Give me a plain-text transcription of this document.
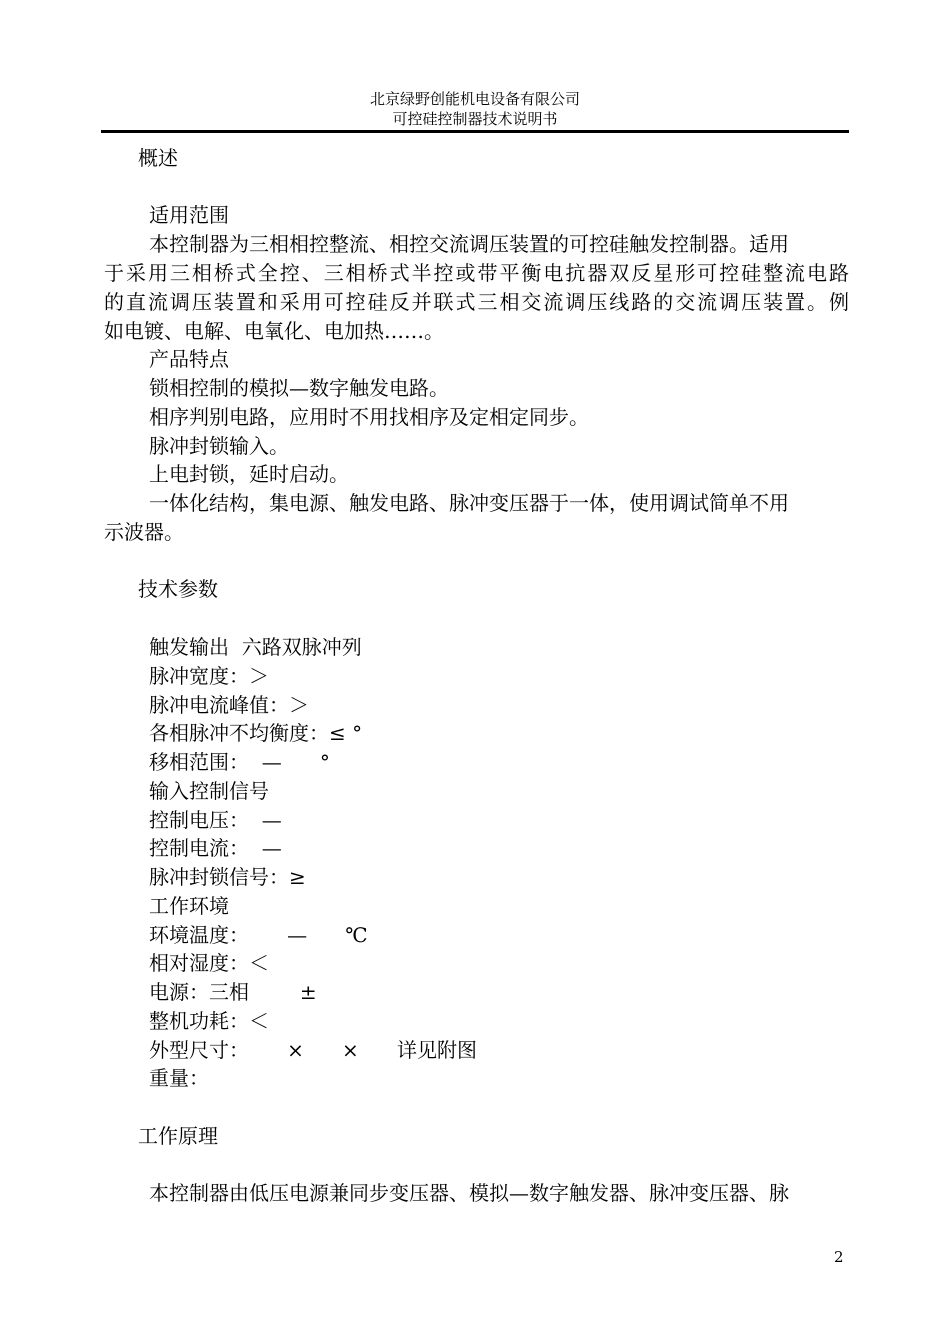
北京绿野创能机电设备有限公司
可控硅控制器技术说明书
概述
适用范围
本控制器为三相相控整流、相控交流调压装置的可控硅触发控制器。适用
于采用三相桥式全控、三相桥式半控或带平衡电抗器双反星形可控硅整流电路
的直流调压装置和采用可控硅反并联式三相交流调压线路的交流调压装置。例
如电镀、电解、电氧化、电加热……。
产品特点
锁相控制的模拟—数字触发电路。
相序判别电路，应用时不用找相序及定相定同步。
脉冲封锁输入。
上电封锁，延时启动。
一体化结构，集电源、触发电路、脉冲变压器于一体，使用调试简单不用
示波器。
技术参数
触发输出  六路双脉冲列
脉冲宽度：＞
脉冲电流峰值：＞
各相脉冲不均衡度：≤ °
移相范围：  —      °
输入控制信号
控制电压：  —
控制电流：  —
脉冲封锁信号：≥
工作环境
环境温度：      —      ℃
相对湿度：＜
电源：三相        ±
整机功耗：＜
外型尺寸：      ×      ×      详见附图
重量：
工作原理
本控制器由低压电源兼同步变压器、模拟—数字触发器、脉冲变压器、脉
2
